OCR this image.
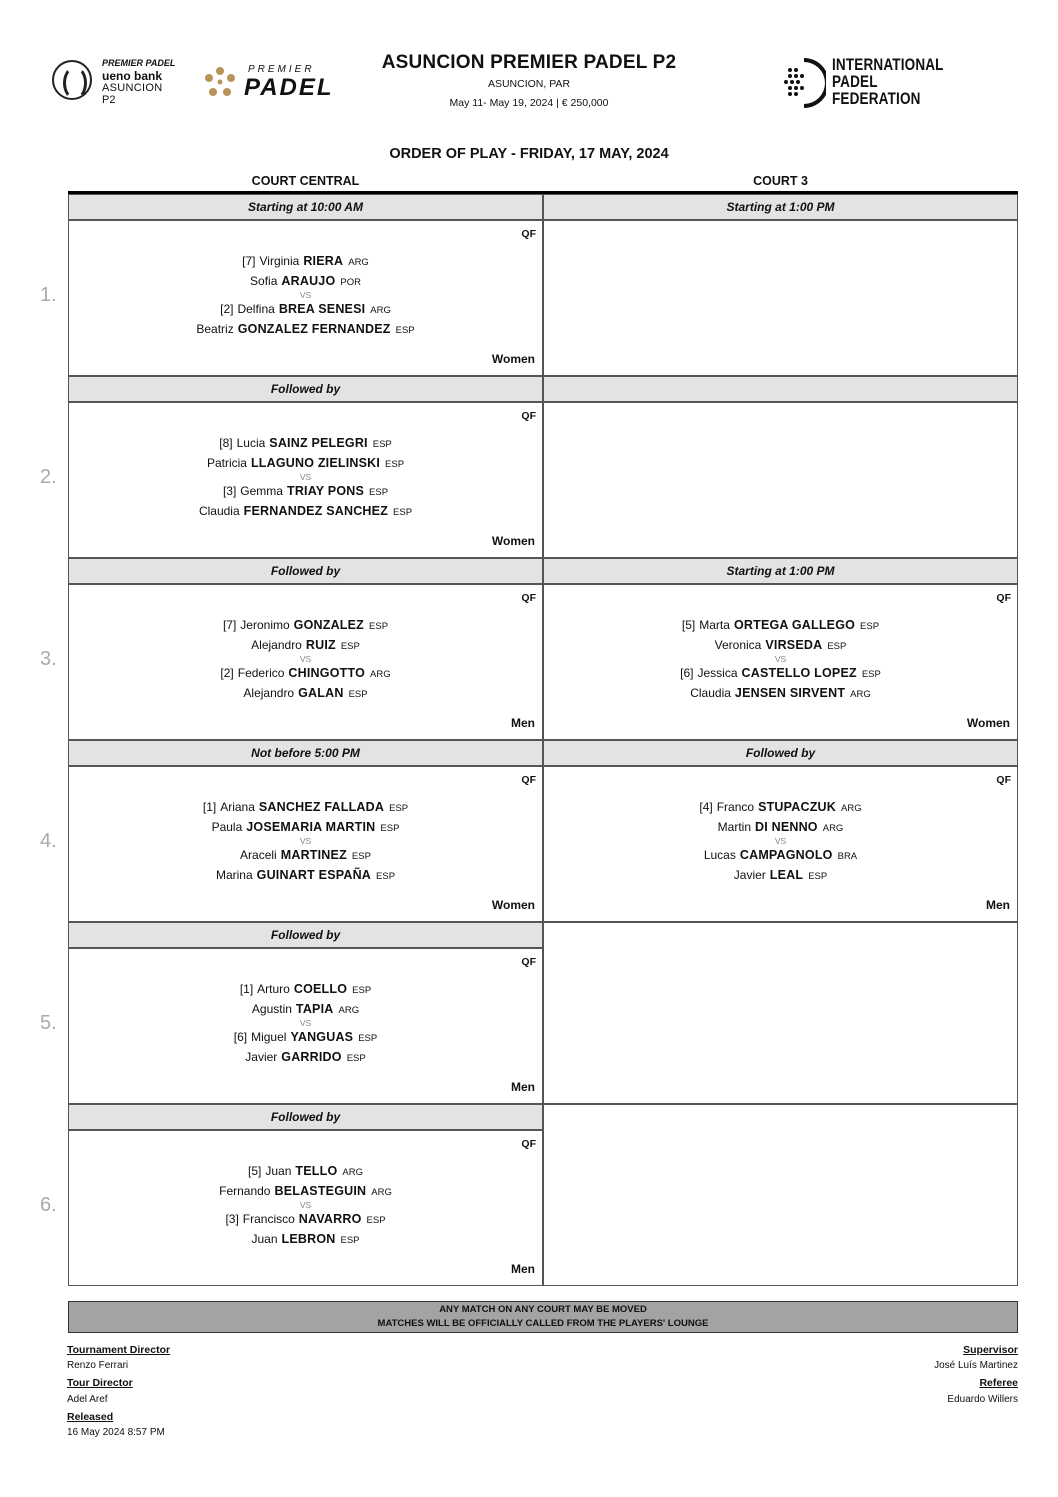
PREMIER PADEL
ueno bank
ASUNCION
P2
PREMIER
PADEL
INTERNATIONAL
PADEL
FEDERATION
ASUNCION PREMIER PADEL P2
ASUNCION, PAR
May 11- May 19, 2024 | € 250,000
ORDER OF PLAY - FRIDAY, 17 MAY, 2024
COURT CENTRAL	COURT 3
Starting at 10:00 AM
QF
[7] Virginia RIERA ARG
Sofia ARAUJO POR
VS
[2] Delfina BREA SENESI ARG
Beatriz GONZALEZ FERNANDEZ ESP
Women
Starting at 1:00 PM
Followed by
QF
[8] Lucia SAINZ PELEGRI ESP
Patricia LLAGUNO ZIELINSKI ESP
VS
[3] Gemma TRIAY PONS ESP
Claudia FERNANDEZ SANCHEZ ESP
Women
Followed by
QF
[7] Jeronimo GONZALEZ ESP
Alejandro RUIZ ESP
VS
[2] Federico CHINGOTTO ARG
Alejandro GALAN ESP
Men
Starting at 1:00 PM
QF
[5] Marta ORTEGA GALLEGO ESP
Veronica VIRSEDA ESP
VS
[6] Jessica CASTELLO LOPEZ ESP
Claudia JENSEN SIRVENT ARG
Women
Not before 5:00 PM
QF
[1] Ariana SANCHEZ FALLADA ESP
Paula JOSEMARIA MARTIN ESP
VS
Araceli MARTINEZ ESP
Marina GUINART ESPAÑA ESP
Women
Followed by
QF
[4] Franco STUPACZUK ARG
Martin DI NENNO ARG
VS
Lucas CAMPAGNOLO BRA
Javier LEAL ESP
Men
Followed by
QF
[1] Arturo COELLO ESP
Agustin TAPIA ARG
VS
[6] Miguel YANGUAS ESP
Javier GARRIDO ESP
Men
Followed by
QF
[5] Juan TELLO ARG
Fernando BELASTEGUIN ARG
VS
[3] Francisco NAVARRO ESP
Juan LEBRON ESP
Men
1.
2.
3.
4.
5.
6.
ANY MATCH ON ANY COURT MAY BE MOVED
MATCHES WILL BE OFFICIALLY CALLED FROM THE PLAYERS' LOUNGE
Tournament Director
Renzo Ferrari
Tour Director
Adel Aref
Released
16 May 2024 8:57 PM
Supervisor
José Luís Martinez
Referee
Eduardo Willers
